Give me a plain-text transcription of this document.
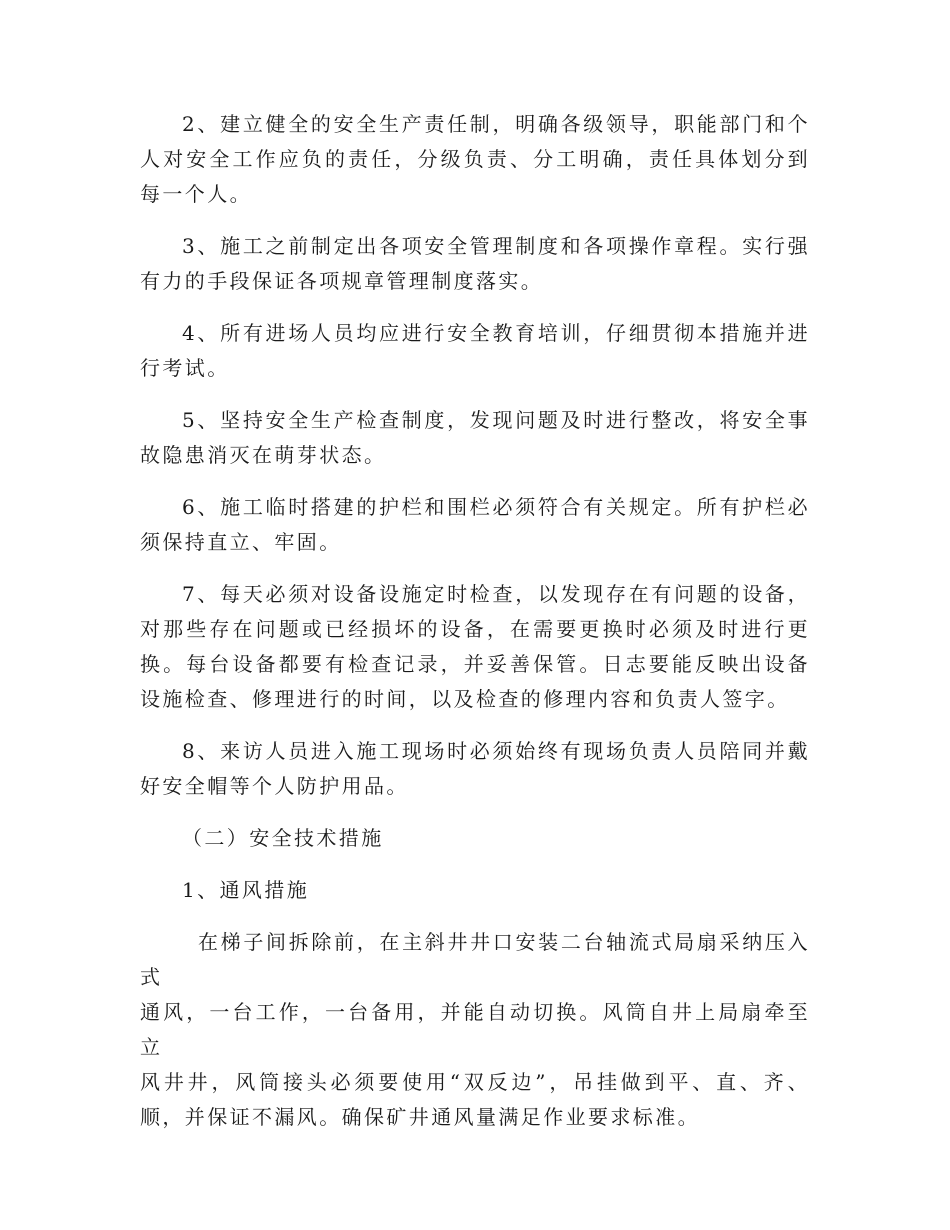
2、建立健全的安全生产责任制，明确各级领导，职能部门和个人对安全工作应负的责任，分级负责、分工明确，责任具体划分到每一个人。

3、施工之前制定出各项安全管理制度和各项操作章程。实行强有力的手段保证各项规章管理制度落实。

4、所有进场人员均应进行安全教育培训，仔细贯彻本措施并进行考试。

5、坚持安全生产检查制度，发现问题及时进行整改，将安全事故隐患消灭在萌芽状态。

6、施工临时搭建的护栏和围栏必须符合有关规定。所有护栏必须保持直立、牢固。

7、每天必须对设备设施定时检查，以发现存在有问题的设备，对那些存在问题或已经损坏的设备，在需要更换时必须及时进行更换。每台设备都要有检查记录，并妥善保管。日志要能反映出设备设施检查、修理进行的时间，以及检查的修理内容和负责人签字。

8、来访人员进入施工现场时必须始终有现场负责人员陪同并戴好安全帽等个人防护用品。

（二）安全技术措施

1、通风措施

在梯子间拆除前，在主斜井井口安装二台轴流式局扇采纳压入式
通风，一台工作，一台备用，并能自动切换。风筒自井上局扇牵至立
风井井，风筒接头必须要使用“双反边”，吊挂做到平、直、齐、
顺，并保证不漏风。确保矿井通风量满足作业要求标准。
